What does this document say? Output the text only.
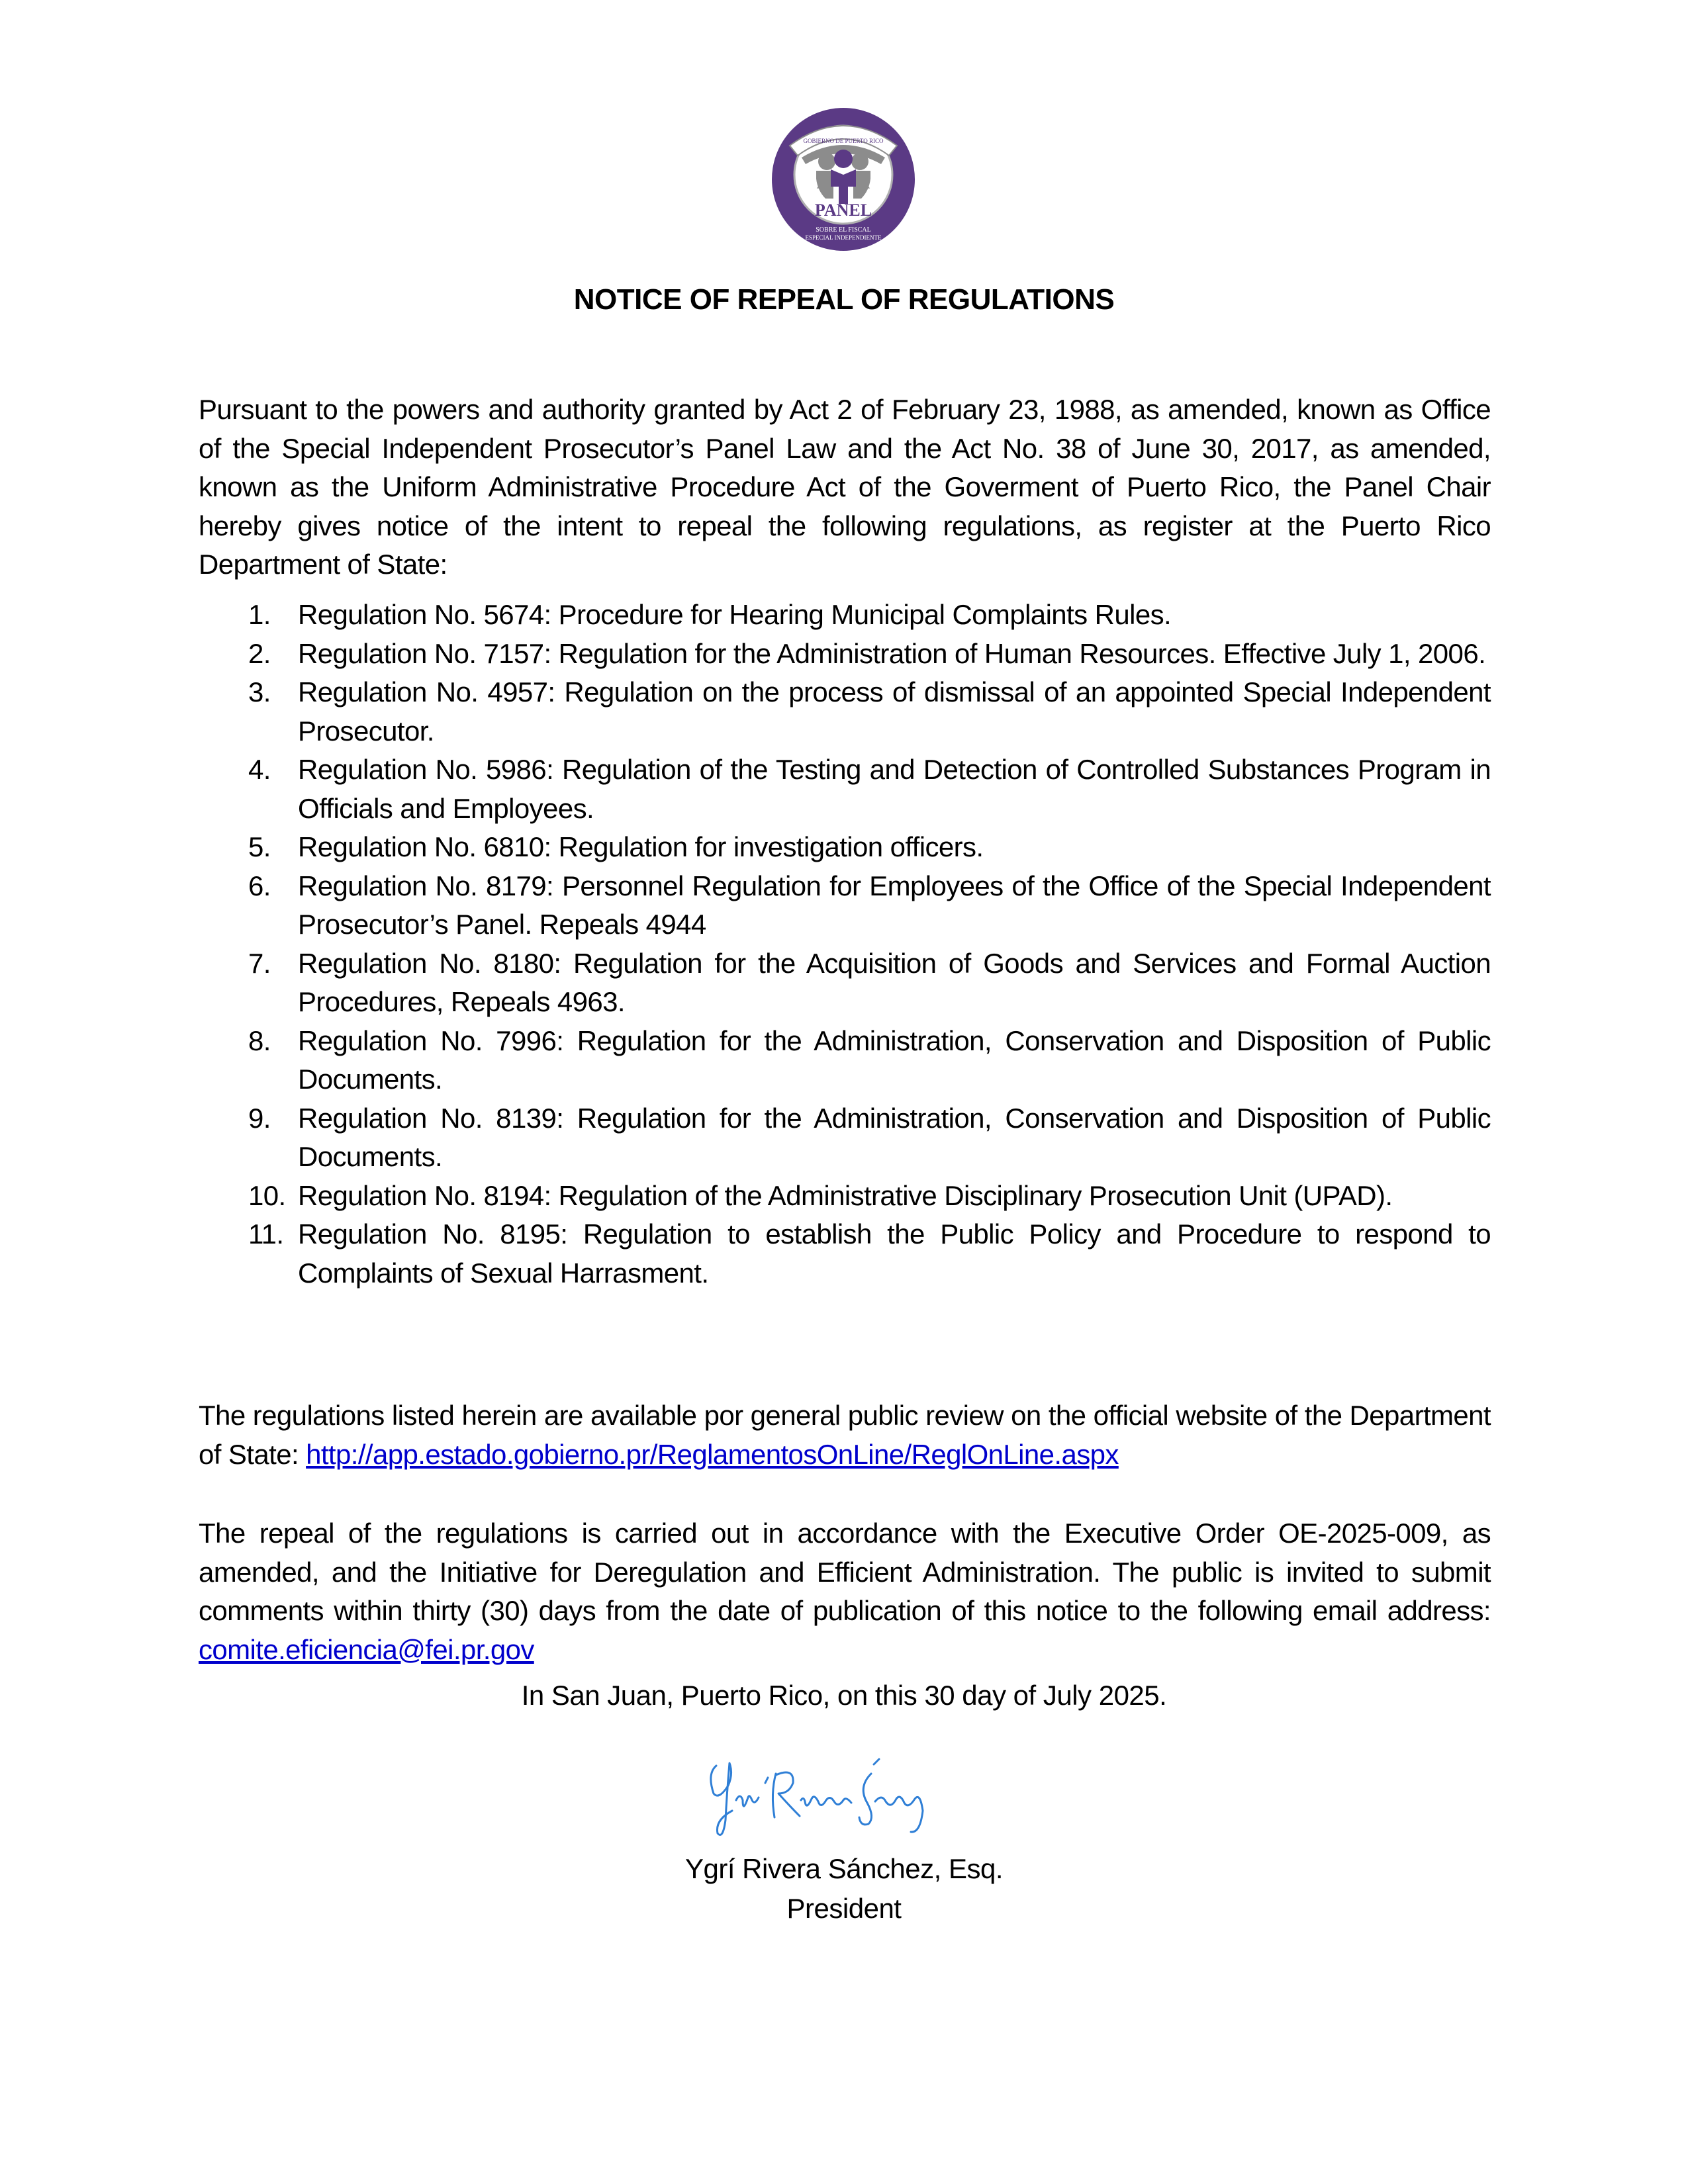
PANEL
GOBIERNO DE PUERTO RICO
SOBRE EL FISCAL
ESPECIAL INDEPENDIENTE
NOTICE OF REPEAL OF REGULATIONS

Pursuant to the powers and authority granted by Act 2 of February 23, 1988, as amended, known as Office of the Special Independent Prosecutor’s Panel Law and the Act No. 38 of June 30, 2017, as amended, known as the Uniform Administrative Procedure Act of the Goverment of Puerto Rico, the Panel Chair hereby gives notice of the intent to repeal the following regulations, as register at the Puerto Rico Department of State:

1. Regulation No. 5674: Procedure for Hearing Municipal Complaints Rules.
2. Regulation No. 7157: Regulation for the Administration of Human Resources. Effective July 1, 2006.
3. Regulation No. 4957: Regulation on the process of dismissal of an appointed Special Independent Prosecutor.
4. Regulation No. 5986: Regulation of the Testing and Detection of Controlled Substances Program in Officials and Employees.
5. Regulation No. 6810: Regulation for investigation officers.
6. Regulation No. 8179: Personnel Regulation for Employees of the Office of the Special Independent Prosecutor’s Panel. Repeals 4944
7. Regulation No. 8180: Regulation for the Acquisition of Goods and Services and Formal Auction Procedures, Repeals 4963.
8. Regulation No. 7996: Regulation for the Administration, Conservation and Disposition of Public Documents.
9. Regulation No. 8139: Regulation for the Administration, Conservation and Disposition of Public Documents.
10. Regulation No. 8194: Regulation of the Administrative Disciplinary Prosecution Unit (UPAD).
11. Regulation No. 8195: Regulation to establish the Public Policy and Procedure to respond to Complaints of Sexual Harrasment.

The regulations listed herein are available por general public review on the official website of the Department of State: http://app.estado.gobierno.pr/ReglamentosOnLine/ReglOnLine.aspx

The repeal of the regulations is carried out in accordance with the Executive Order OE-2025-009, as amended, and the Initiative for Deregulation and Efficient Administration. The public is invited to submit comments within thirty (30) days from the date of publication of this notice to the following email address: comite.eficiencia@fei.pr.gov

In San Juan, Puerto Rico, on this 30 day of July 2025.
Ygrí Rivera Sánchez, Esq.
President
